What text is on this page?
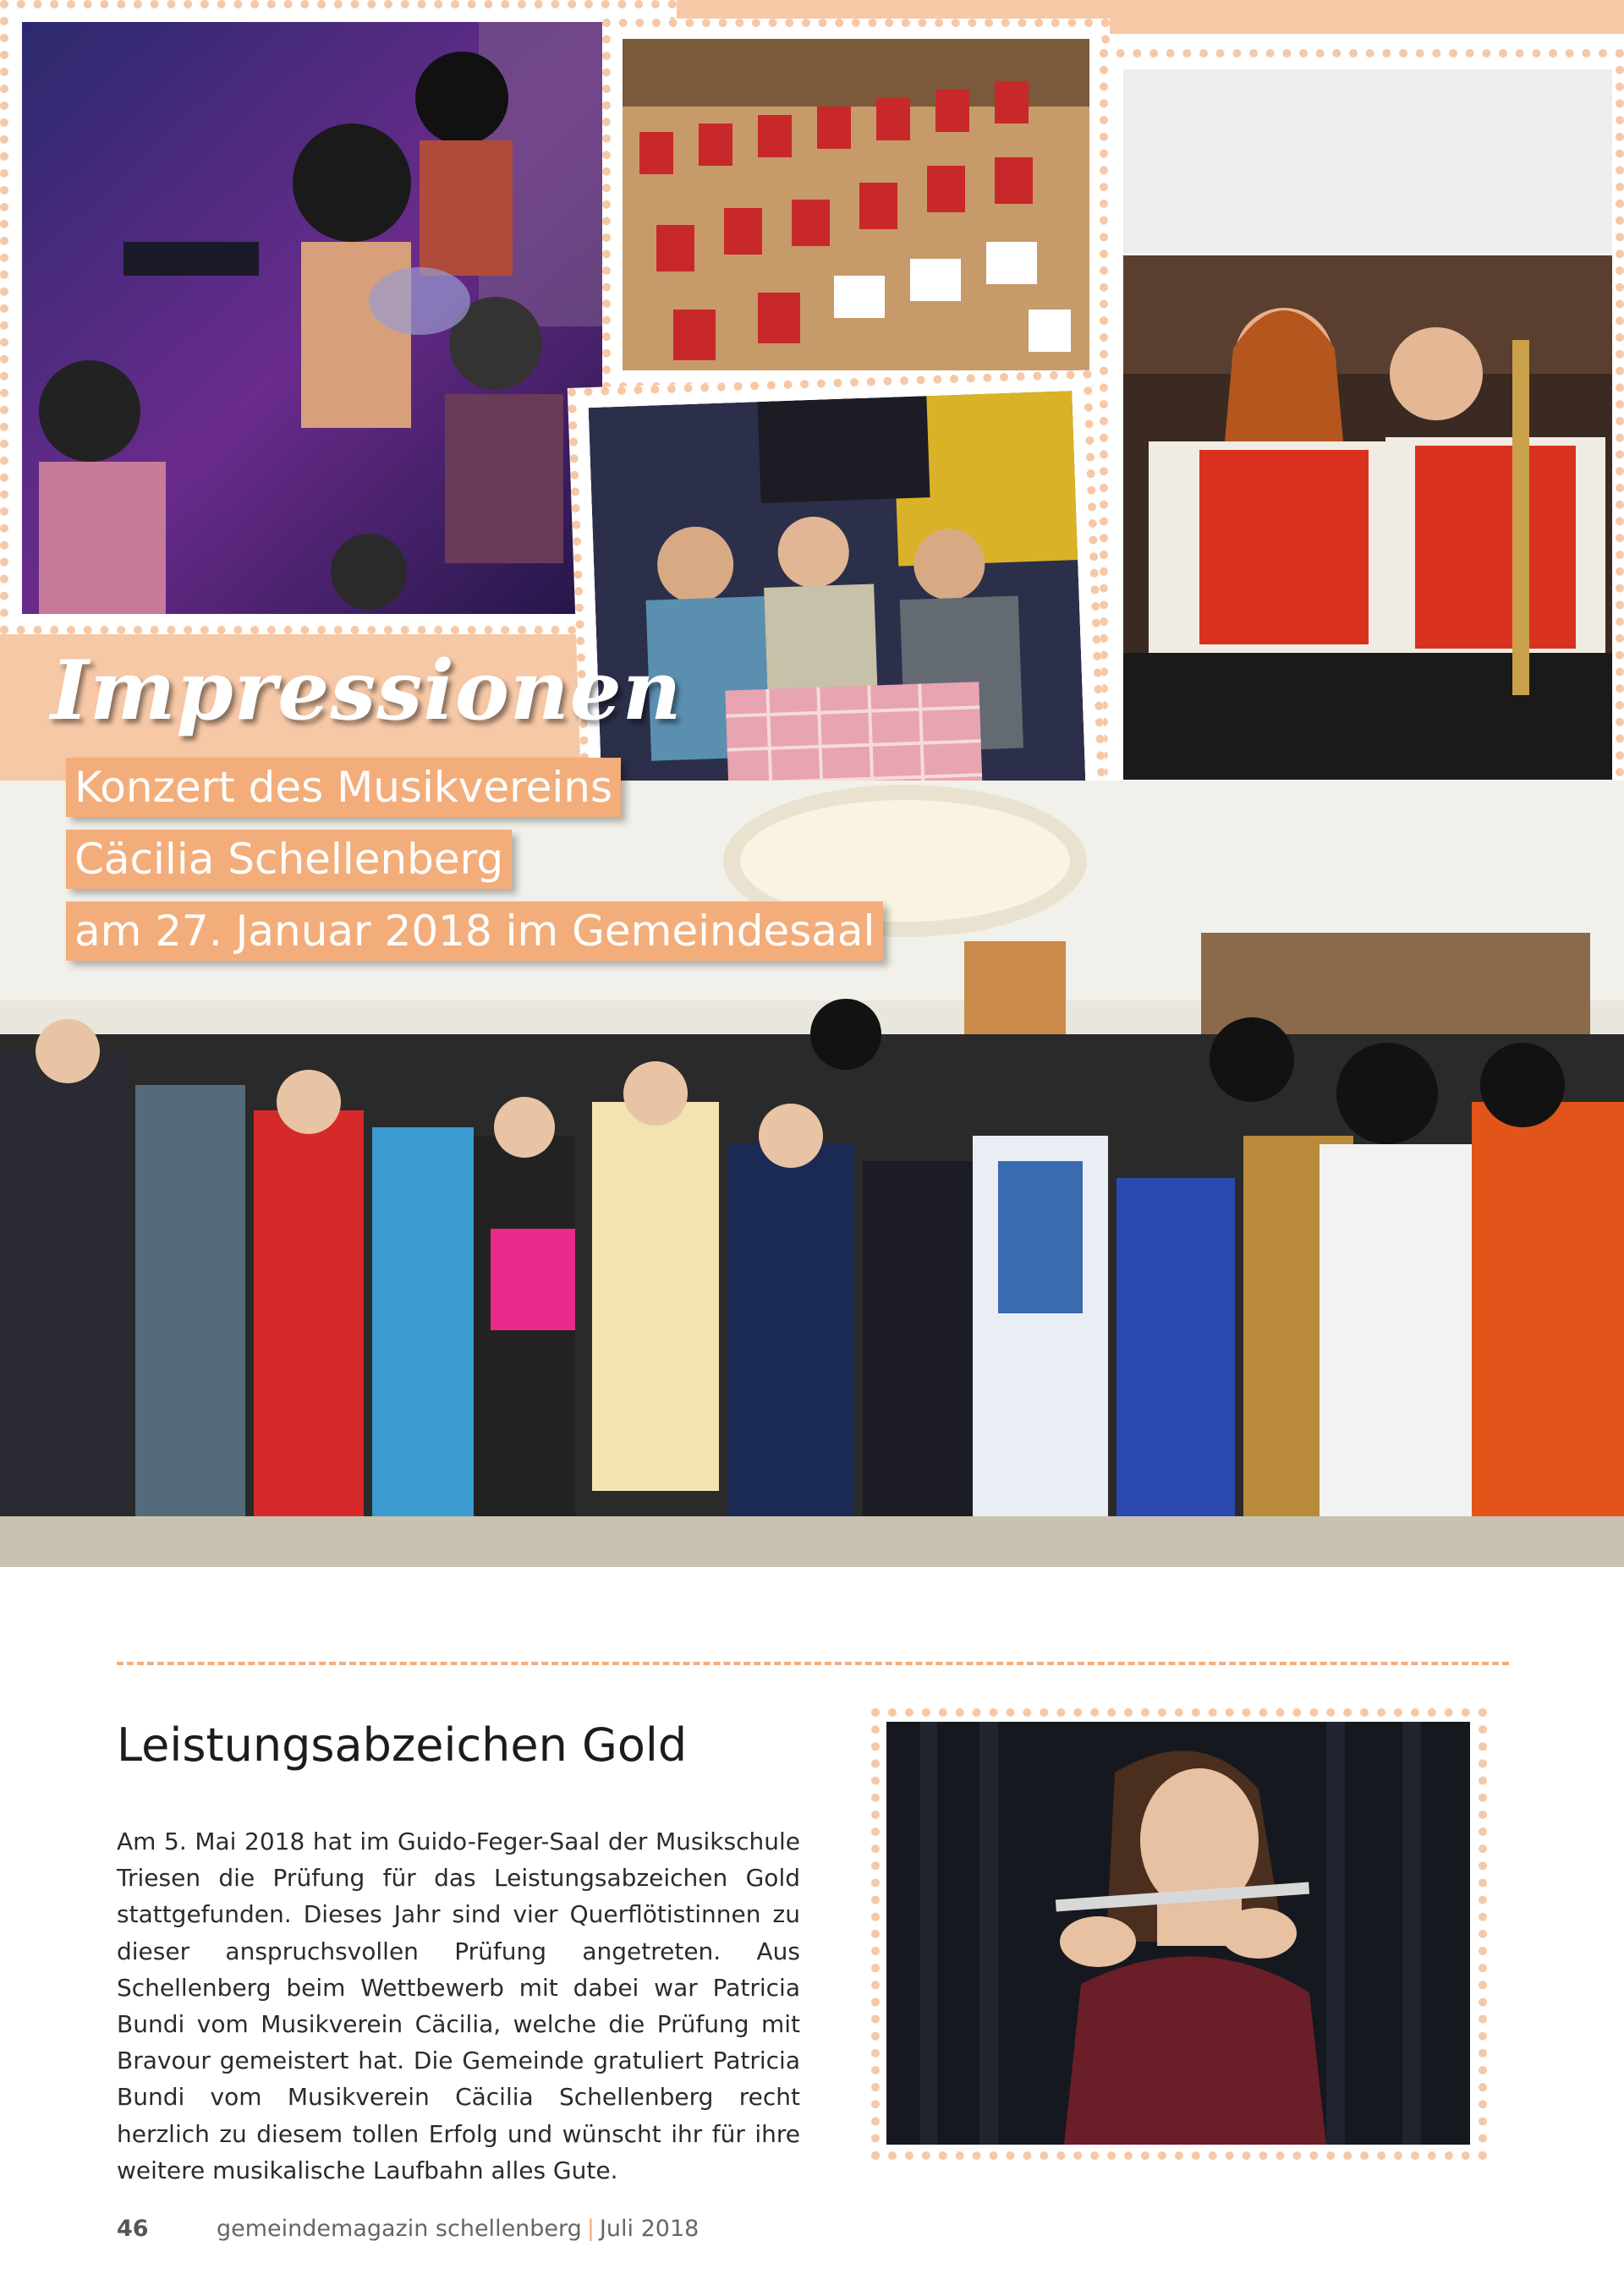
Impressionen
Konzert des Musikvereins
Cäcilia Schellenberg
am 27. Januar 2018 im Gemeindesaal
Leistungsabzeichen Gold
Am 5. Mai 2018 hat im Guido-Feger-Saal der Musikschule Triesen die Prüfung für das Leistungsabzeichen Gold stattgefunden. Dieses Jahr sind vier Querflötistinnen zu dieser anspruchsvollen Prüfung angetreten. Aus Schellenberg beim Wettbewerb mit dabei war Patricia Bundi vom Musikverein Cäcilia, welche die Prüfung mit Bravour gemeistert hat. Die Gemeinde gratuliert Patricia Bundi vom Musikverein Cäcilia Schellenberg recht herzlich zu diesem tollen Erfolg und wünscht ihr für ihre weitere musikalische Laufbahn alles Gute.
46	gemeindemagazin schellenberg | Juli 2018
